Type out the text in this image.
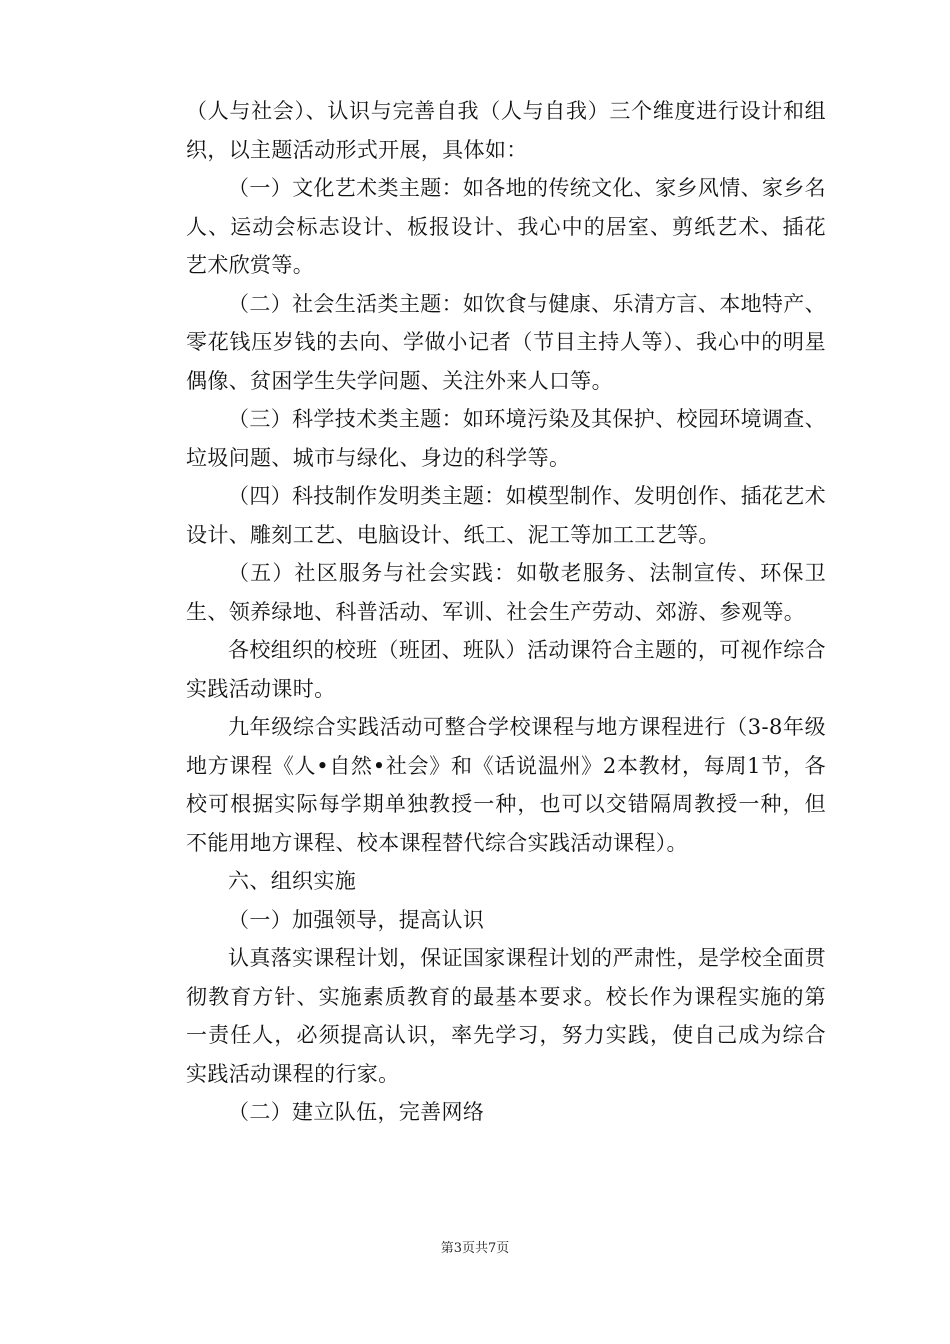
（人与社会）、认识与完善自我（人与自我）三个维度进行设计和组织，以主题活动形式开展，具体如：

（一）文化艺术类主题：如各地的传统文化、家乡风情、家乡名人、运动会标志设计、板报设计、我心中的居室、剪纸艺术、插花艺术欣赏等。

（二）社会生活类主题：如饮食与健康、乐清方言、本地特产、零花钱压岁钱的去向、学做小记者（节目主持人等）、我心中的明星偶像、贫困学生失学问题、关注外来人口等。

（三）科学技术类主题：如环境污染及其保护、校园环境调查、垃圾问题、城市与绿化、身边的科学等。

（四）科技制作发明类主题：如模型制作、发明创作、插花艺术设计、雕刻工艺、电脑设计、纸工、泥工等加工工艺等。

（五）社区服务与社会实践：如敬老服务、法制宣传、环保卫生、领养绿地、科普活动、军训、社会生产劳动、郊游、参观等。

各校组织的校班（班团、班队）活动课符合主题的，可视作综合实践活动课时。

九年级综合实践活动可整合学校课程与地方课程进行（3-8年级地方课程《人•自然•社会》和《话说温州》2本教材，每周1节，各校可根据实际每学期单独教授一种，也可以交错隔周教授一种，但不能用地方课程、校本课程替代综合实践活动课程）。

六、组织实施

（一）加强领导，提高认识

认真落实课程计划，保证国家课程计划的严肃性，是学校全面贯彻教育方针、实施素质教育的最基本要求。校长作为课程实施的第一责任人，必须提高认识，率先学习，努力实践，使自己成为综合实践活动课程的行家。

（二）建立队伍，完善网络

第3页共7页
